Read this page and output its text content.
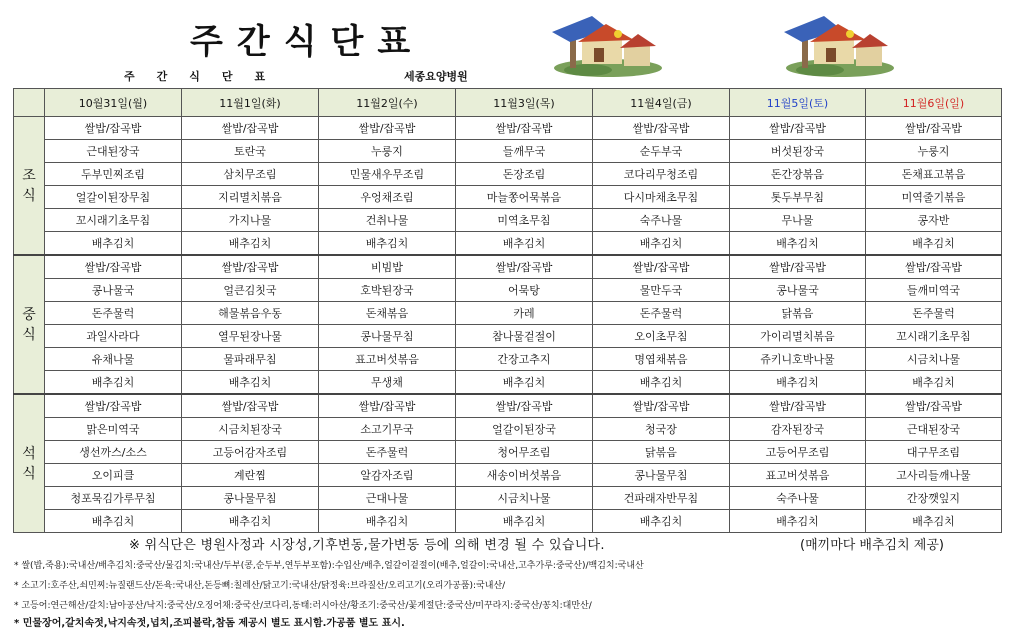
주간식단표
주간식단표	세종요양병원
	10월31일(월)	11월1일(화)	11월2일(수)	11월3일(목)	11월4일(금)	11월5일(토)	11월6일(일)
조
식	쌀밥/잡곡밥	쌀밥/잡곡밥	쌀밥/잡곡밥	쌀밥/잡곡밥	쌀밥/잡곡밥	쌀밥/잡곡밥	쌀밥/잡곡밥
	근대된장국	토란국	누룽지	들깨무국	순두부국	버섯된장국	누룽지
	두부민찌조림	삼치무조림	민물새우무조림	돈장조림	코다리무청조림	돈간장볶음	돈채표고볶음
	얼갈이된장무침	지리멸치볶음	우엉채조림	마늘쫑어묵볶음	다시마채초무침	톳두부무침	미역줄기볶음
	꼬시래기초무침	가지나물	건취나물	미역초무침	숙주나물	무나물	콩자반
	배추김치	배추김치	배추김치	배추김치	배추김치	배추김치	배추김치
중
식	쌀밥/잡곡밥	쌀밥/잡곡밥	비빔밥	쌀밥/잡곡밥	쌀밥/잡곡밥	쌀밥/잡곡밥	쌀밥/잡곡밥
	콩나물국	얼큰김칫국	호박된장국	어묵탕	물만두국	콩나물국	들깨미역국
	돈주물럭	해물볶음우동	돈채볶음	카레	돈주물럭	닭볶음	돈주물럭
	과일사라다	열무된장나물	콩나물무침	참나물겉절이	오이초무침	가이리멸치볶음	꼬시래기초무침
	유채나물	물파래무침	표고버섯볶음	간장고추지	명엽채볶음	쥬키니호박나물	시금치나물
	배추김치	배추김치	무생채	배추김치	배추김치	배추김치	배추김치
석
식	쌀밥/잡곡밥	쌀밥/잡곡밥	쌀밥/잡곡밥	쌀밥/잡곡밥	쌀밥/잡곡밥	쌀밥/잡곡밥	쌀밥/잡곡밥
	맑은미역국	시금치된장국	소고기무국	얼갈이된장국	청국장	감자된장국	근대된장국
	생선까스/소스	고등어감자조림	돈주물럭	청어무조림	닭볶음	고등어무조림	대구무조림
	오이피클	계란찜	알감자조림	새송이버섯볶음	콩나물무침	표고버섯볶음	고사리들깨나물
	청포묵김가루무침	콩나물무침	근대나물	시금치나물	건파래자반무침	숙주나물	간장깻잎지
	배추김치	배추김치	배추김치	배추김치	배추김치	배추김치	배추김치
※ 위식단은 병원사정과 시장성,기후변동,물가변동 등에 의해 변경 될 수 있습니다.	(매끼마다 배추김치 제공)
* 쌀(밥,죽용):국내산/배추김치:중국산/물김치:국내산/두부(콩,순두부,연두부포함):수입산/배추,얼갈이겉절이(배추,얼갈이:국내산,고추가루:중국산)/백김치:국내산
* 소고기:호주산,쇠민찌:뉴질랜드산/돈육:국내산,돈등뼈:칠레산/닭고기:국내산/닭정육:브라질산/오리고기(오리가공품):국내산/
* 고등어:연근해산/갈치:남아공산/낙지:중국산/오징어채:중국산/코다리,동태:러시아산/황조기:중국산/꽃게절단:중국산/미꾸라지:중국산/꽁치:대만산/
* 민물장어,갈치속젓,낙지속젓,넙치,조피볼락,참돔 제공시 별도 표시함.가공품 별도 표시.
